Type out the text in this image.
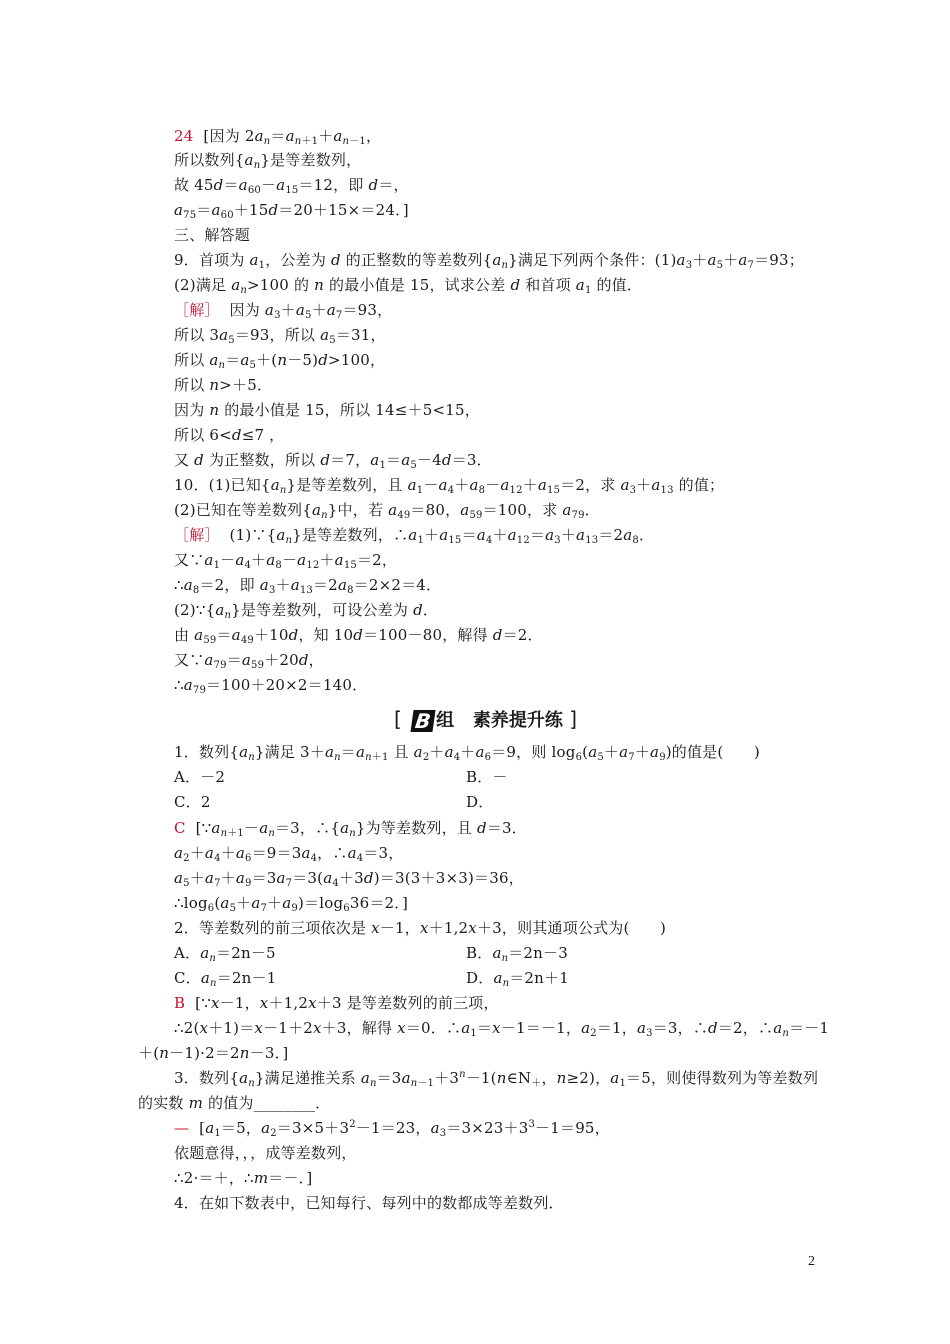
24  [因为 $2a_n=a_{n+1}+a_{n-1}$，
所以数列$\{a_n\}$是等差数列，
故 $45d=a_{60}-a_{15}=12$，即 d＝，
$a_{75}=a_{60}+15d=20+15\times=24$．]
三、解答题
9．首项为 $a_1$，公差为 d 的正整数的等差数列$\{a_n\}$满足下列两个条件：$(1)a_3+a_5+a_7=93$；
(2)满足 $a_n>100$ 的 n 的最小值是 15，试求公差 d 和首项 $a_1$ 的值．
［解］  因为 $a_3+a_5+a_7=93$，
所以 $3a_5=93$，所以 $a_5=31$，
所以 $a_n=a_5+(n-5)d>100$，
所以 n>＋5．
因为 n 的最小值是 15，所以 14≤＋5<15，
所以 6<d≤7 ，
又 d 为正整数，所以 d＝7，$a_1=a_5-4d=3$．
10．(1)已知$\{a_n\}$是等差数列，且 $a_1-a_4+a_8-a_{12}+a_{15}=2$，求 $a_3+a_{13}$ 的值；
(2)已知在等差数列$\{a_n\}$中，若 $a_{49}=80$，$a_{59}=100$，求 $a_{79}$．
［解］  $(1)\because\{a_n\}$是等差数列，$\therefore a_1+a_{15}=a_4+a_{12}=a_3+a_{13}=2a_8$．
又$\because a_1-a_4+a_8-a_{12}+a_{15}=2$，
$\therefore a_8=2$，即 $a_3+a_{13}=2a_8=2\times 2=4$．
$(2)\because\{a_n\}$是等差数列，可设公差为 d．
由 $a_{59}=a_{49}+10d$，知 10d＝100－80，解得 d＝2．
又$\because a_{79}=a_{59}+20d$，
$\therefore a_{79}=100+20\times 2=140$．
[ B 组   素养提升练 ]
1．数列$\{a_n\}$满足 $3+a_n=a_{n+1}$ 且 $a_2+a_4+a_6=9$，则 $\log_6(a_5+a_7+a_9)$的值是(　　)
A．－2	B．－
C．2	D．
C  [$\because a_{n+1}-a_n=3$，$\therefore\{a_n\}$为等差数列，且 d＝3．
$a_2+a_4+a_6=9=3a_4$，$\therefore a_4=3$，
$a_5+a_7+a_9=3a_7=3(a_4+3d)=3(3+3\times 3)=36$，
$\therefore\log_6(a_5+a_7+a_9)=\log_636=2$．]
2．等差数列的前三项依次是 x－1，x＋1,2x＋3，则其通项公式为(　　)
A．$a_n=2n-5$	B．$a_n=2n-3$
C．$a_n=2n-1$	D．$a_n=2n+1$
B  [∵x－1，x＋1,2x＋3 是等差数列的前三项，
∴2(x＋1)＝x－1＋2x＋3，解得 x＝0．$\therefore a_1=x-1=-1$，$a_2=1$，$a_3=3$，∴d＝2，$\therefore a_n=-1$
＋(n－1)·2＝2n－3．]
3．数列$\{a_n\}$满足递推关系 $a_n=3a_{n-1}+3^n-1(n\in N_+$，n≥2)，$a_1=5$，则使得数列为等差数列
的实数 m 的值为________．
—  [$a_1=5$，$a_2=3\times 5+3^2-1=23$，$a_3=3\times 23+3^3-1=95$，
依题意得，，，成等差数列，
∴2·＝＋，∴m＝－．]
4．在如下数表中，已知每行、每列中的数都成等差数列．
2
